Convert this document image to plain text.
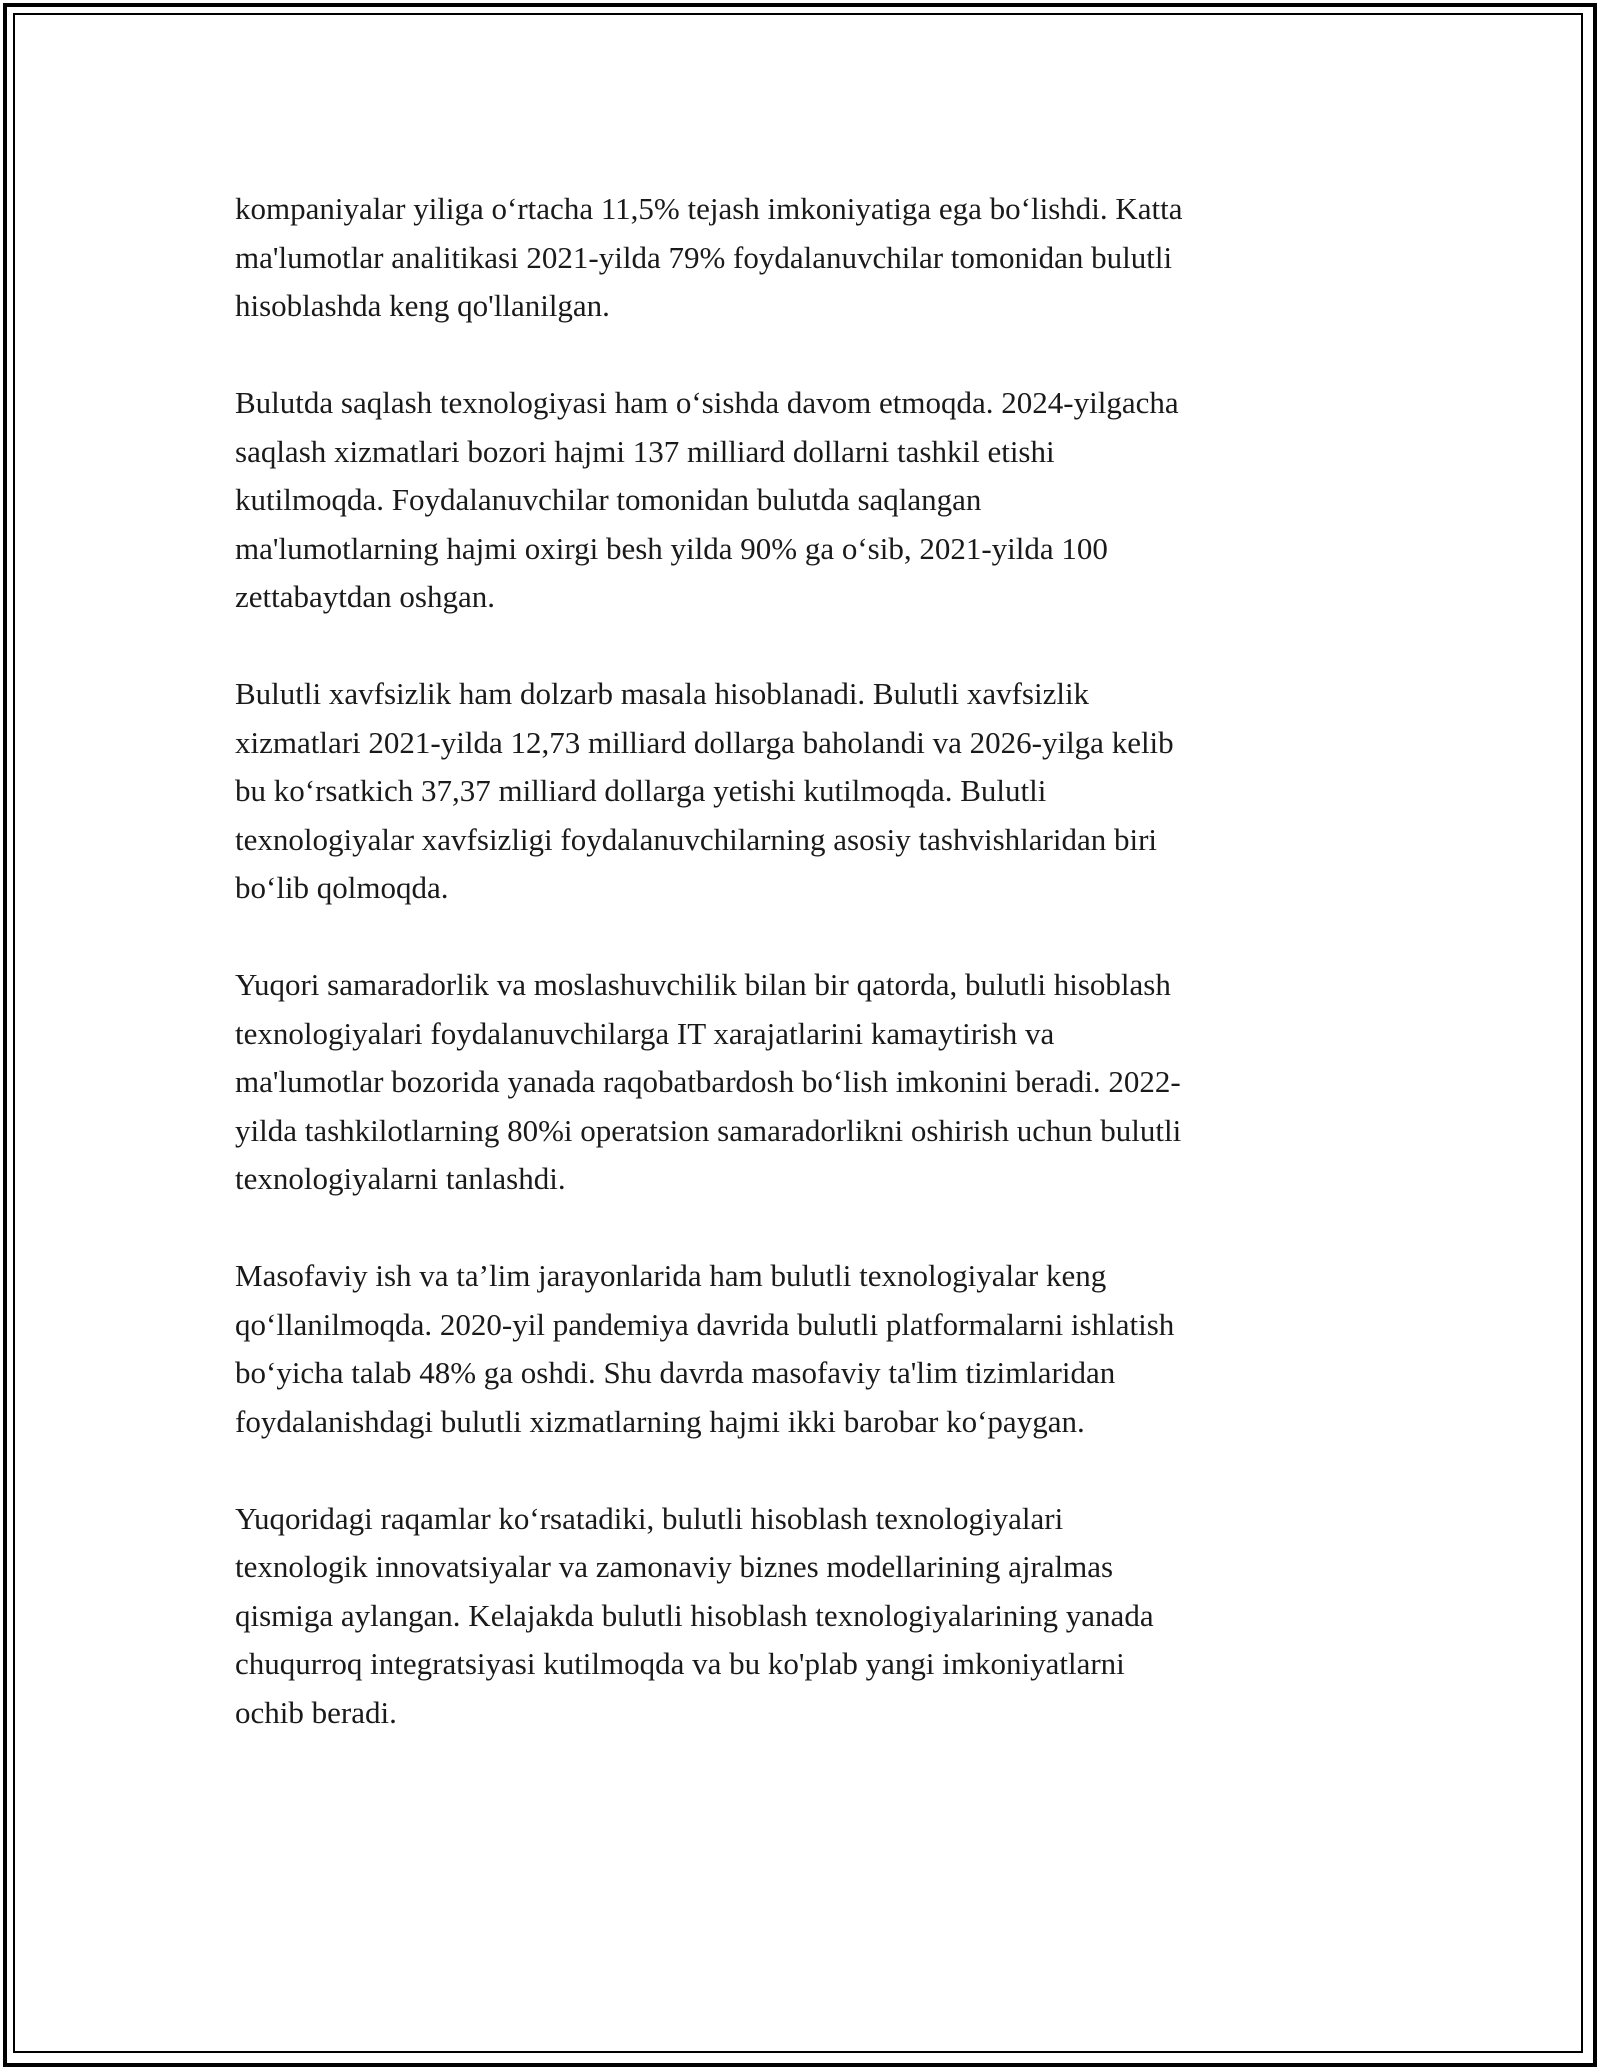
kompaniyalar yiliga o‘rtacha 11,5% tejash imkoniyatiga ega bo‘lishdi. Katta
ma'lumotlar analitikasi 2021-yilda 79% foydalanuvchilar tomonidan bulutli
hisoblashda keng qo'llanilgan.

Bulutda saqlash texnologiyasi ham o‘sishda davom etmoqda. 2024-yilgacha
saqlash xizmatlari bozori hajmi 137 milliard dollarni tashkil etishi
kutilmoqda. Foydalanuvchilar tomonidan bulutda saqlangan
ma'lumotlarning hajmi oxirgi besh yilda 90% ga o‘sib, 2021-yilda 100
zettabaytdan oshgan.

Bulutli xavfsizlik ham dolzarb masala hisoblanadi. Bulutli xavfsizlik
xizmatlari 2021-yilda 12,73 milliard dollarga baholandi va 2026-yilga kelib
bu ko‘rsatkich 37,37 milliard dollarga yetishi kutilmoqda. Bulutli
texnologiyalar xavfsizligi foydalanuvchilarning asosiy tashvishlaridan biri
bo‘lib qolmoqda.

Yuqori samaradorlik va moslashuvchilik bilan bir qatorda, bulutli hisoblash
texnologiyalari foydalanuvchilarga IT xarajatlarini kamaytirish va
ma'lumotlar bozorida yanada raqobatbardosh bo‘lish imkonini beradi. 2022-
yilda tashkilotlarning 80%i operatsion samaradorlikni oshirish uchun bulutli
texnologiyalarni tanlashdi.

Masofaviy ish va ta’lim jarayonlarida ham bulutli texnologiyalar keng
qo‘llanilmoqda. 2020-yil pandemiya davrida bulutli platformalarni ishlatish
bo‘yicha talab 48% ga oshdi. Shu davrda masofaviy ta'lim tizimlaridan
foydalanishdagi bulutli xizmatlarning hajmi ikki barobar ko‘paygan.

Yuqoridagi raqamlar ko‘rsatadiki, bulutli hisoblash texnologiyalari
texnologik innovatsiyalar va zamonaviy biznes modellarining ajralmas
qismiga aylangan. Kelajakda bulutli hisoblash texnologiyalarining yanada
chuqurroq integratsiyasi kutilmoqda va bu ko'plab yangi imkoniyatlarni
ochib beradi.
